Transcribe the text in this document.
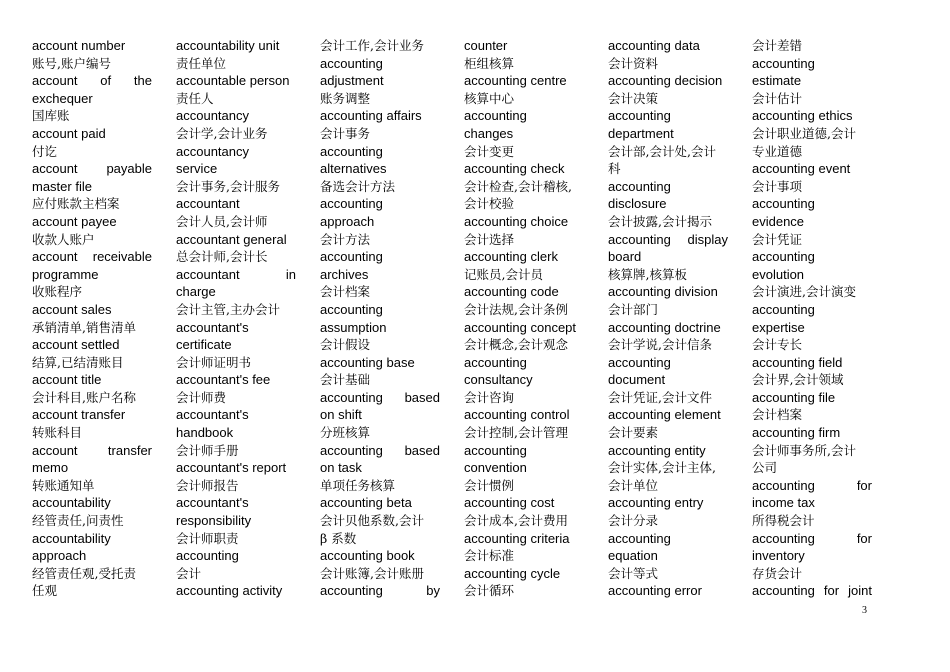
account number
账号,账户编号
account of the
exchequer
国库账
account paid
付讫
account payable
master file
应付账款主档案
account payee
收款人账户
account receivable
programme
收账程序
account sales
承销清单,销售清单
account settled
结算,已结清账目
account title
会计科目,账户名称
account transfer
转账科目
account transfer
memo
转账通知单
accountability
经管责任,问责性
accountability
approach
经管责任观,受托责
任观
accountability unit
责任单位
accountable person
责任人
accountancy
会计学,会计业务
accountancy
service
会计事务,会计服务
accountant
会计人员,会计师
accountant general
总会计师,会计长
accountant in
charge
会计主管,主办会计
accountant's
certificate
会计师证明书
accountant's fee
会计师费
accountant's
handbook
会计师手册
accountant's report
会计师报告
accountant's
responsibility
会计师职责
accounting
会计
accounting activity
会计工作,会计业务
accounting
adjustment
账务调整
accounting affairs
会计事务
accounting
alternatives
备选会计方法
accounting
approach
会计方法
accounting
archives
会计档案
accounting
assumption
会计假设
accounting base
会计基础
accounting based
on shift
分班核算
accounting based
on task
单项任务核算
accounting beta
会计贝他系数,会计
β 系数
accounting book
会计账簿,会计账册
accounting by
counter
柜组核算
accounting centre
核算中心
accounting
changes
会计变更
accounting check
会计检查,会计稽核,
会计校验
accounting choice
会计选择
accounting clerk
记账员,会计员
accounting code
会计法规,会计条例
accounting concept
会计概念,会计观念
accounting
consultancy
会计咨询
accounting control
会计控制,会计管理
accounting
convention
会计惯例
accounting cost
会计成本,会计费用
accounting criteria
会计标准
accounting cycle
会计循环
accounting data
会计资料
accounting decision
会计决策
accounting
department
会计部,会计处,会计
科
accounting
disclosure
会计披露,会计揭示
accounting display
board
核算牌,核算板
accounting division
会计部门
accounting doctrine
会计学说,会计信条
accounting
document
会计凭证,会计文件
accounting element
会计要素
accounting entity
会计实体,会计主体,
会计单位
accounting entry
会计分录
accounting
equation
会计等式
accounting error
会计差错
accounting
estimate
会计估计
accounting ethics
会计职业道德,会计
专业道德
accounting event
会计事项
accounting
evidence
会计凭证
accounting
evolution
会计演进,会计演变
accounting
expertise
会计专长
accounting field
会计界,会计领域
accounting file
会计档案
accounting firm
会计师事务所,会计
公司
accounting for
income tax
所得税会计
accounting for
inventory
存货会计
accounting for joint
3
